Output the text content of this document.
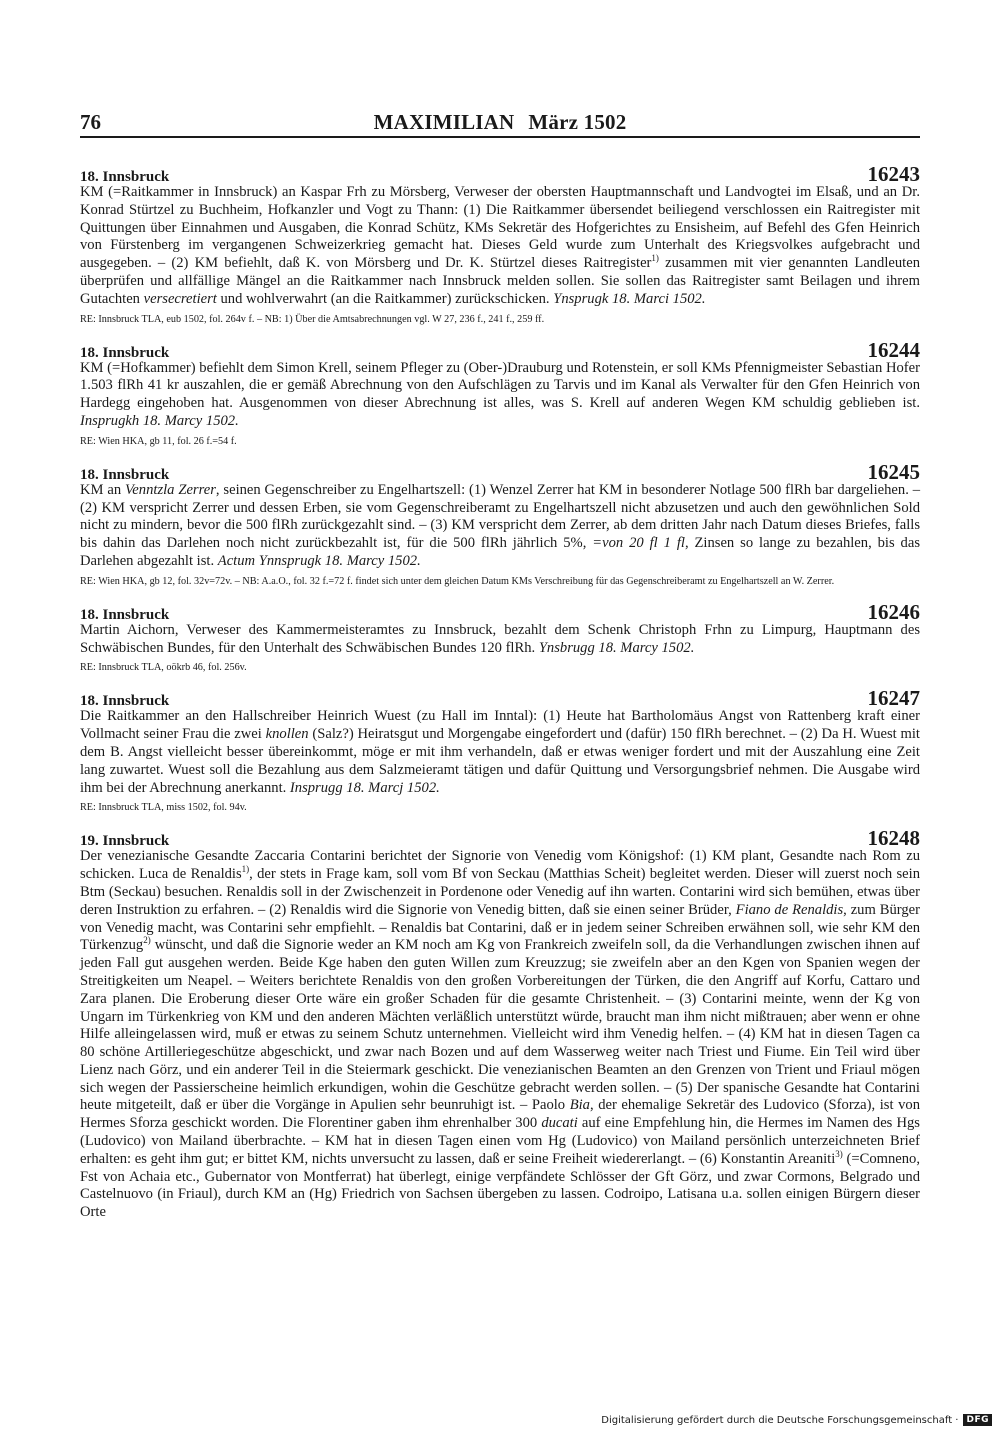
76	MAXIMILIAN März 1502
18. Innsbruck	16243

KM (=Raitkammer in Innsbruck) an Kaspar Frh zu Mörsberg, Verweser der obersten Hauptmannschaft und Landvogtei im Elsaß, und an Dr. Konrad Stürtzel zu Buchheim, Hofkanzler und Vogt zu Thann: (1) Die Raitkammer übersendet beiliegend verschlossen ein Raitregister mit Quittungen über Einnahmen und Ausgaben, die Konrad Schütz, KMs Sekretär des Hofgerichtes zu Ensisheim, auf Befehl des Gfen Heinrich von Fürstenberg im vergangenen Schweizerkrieg gemacht hat. Dieses Geld wurde zum Unterhalt des Kriegsvolkes aufgebracht und ausgegeben. – (2) KM befiehlt, daß K. von Mörsberg und Dr. K. Stürtzel dieses Raitregister$^{1)}$ zusammen mit vier genannten Landleuten überprüfen und allfällige Mängel an die Raitkammer nach Innsbruck melden sollen. Sie sollen das Raitregister samt Beilagen und ihrem Gutachten versecretiert und wohlverwahrt (an die Raitkammer) zurückschicken. Ynsprugk 18. Marci 1502.

RE: Innsbruck TLA, eub 1502, fol. 264v f. – NB: 1) Über die Amtsabrechnungen vgl. W 27, 236 f., 241 f., 259 ff.
18. Innsbruck	16244

KM (=Hofkammer) befiehlt dem Simon Krell, seinem Pfleger zu (Ober-)Drauburg und Rotenstein, er soll KMs Pfennigmeister Sebastian Hofer 1.503 flRh 41 kr auszahlen, die er gemäß Abrechnung von den Aufschlägen zu Tarvis und im Kanal als Verwalter für den Gfen Heinrich von Hardegg eingehoben hat. Ausgenommen von dieser Abrechnung ist alles, was S. Krell auf anderen Wegen KM schuldig geblieben ist. Insprugkh 18. Marcy 1502.

RE: Wien HKA, gb 11, fol. 26 f.=54 f.
18. Innsbruck	16245

KM an Venntzla Zerrer, seinen Gegenschreiber zu Engelhartszell: (1) Wenzel Zerrer hat KM in besonderer Notlage 500 flRh bar dargeliehen. – (2) KM verspricht Zerrer und dessen Erben, sie vom Gegenschreiberamt zu Engelhartszell nicht abzusetzen und auch den gewöhnlichen Sold nicht zu mindern, bevor die 500 flRh zurückgezahlt sind. – (3) KM verspricht dem Zerrer, ab dem dritten Jahr nach Datum dieses Briefes, falls bis dahin das Darlehen noch nicht zurückbezahlt ist, für die 500 flRh jährlich 5%, =von 20 fl 1 fl, Zinsen so lange zu bezahlen, bis das Darlehen abgezahlt ist. Actum Ynnsprugk 18. Marcy 1502.

RE: Wien HKA, gb 12, fol. 32v=72v. – NB: A.a.O., fol. 32 f.=72 f. findet sich unter dem gleichen Datum KMs Verschreibung für das Gegenschreiberamt zu Engelhartszell an W. Zerrer.
18. Innsbruck	16246

Martin Aichorn, Verweser des Kammermeisteramtes zu Innsbruck, bezahlt dem Schenk Christoph Frhn zu Limpurg, Hauptmann des Schwäbischen Bundes, für den Unterhalt des Schwäbischen Bundes 120 flRh. Ynsbrugg 18. Marcy 1502.

RE: Innsbruck TLA, oökrb 46, fol. 256v.
18. Innsbruck	16247

Die Raitkammer an den Hallschreiber Heinrich Wuest (zu Hall im Inntal): (1) Heute hat Bartholomäus Angst von Rattenberg kraft einer Vollmacht seiner Frau die zwei knollen (Salz?) Heiratsgut und Morgengabe eingefordert und (dafür) 150 flRh berechnet. – (2) Da H. Wuest mit dem B. Angst vielleicht besser übereinkommt, möge er mit ihm verhandeln, daß er etwas weniger fordert und mit der Auszahlung eine Zeit lang zuwartet. Wuest soll die Bezahlung aus dem Salzmeieramt tätigen und dafür Quittung und Versorgungsbrief nehmen. Die Ausgabe wird ihm bei der Abrechnung anerkannt. Insprugg 18. Marcj 1502.

RE: Innsbruck TLA, miss 1502, fol. 94v.
19. Innsbruck	16248

Der venezianische Gesandte Zaccaria Contarini berichtet der Signorie von Venedig vom Königshof: (1) KM plant, Gesandte nach Rom zu schicken. Luca de Renaldis$^{1)}$, der stets in Frage kam, soll vom Bf von Seckau (Matthias Scheit) begleitet werden. Dieser will zuerst noch sein Btm (Seckau) besuchen. Renaldis soll in der Zwischenzeit in Pordenone oder Venedig auf ihn warten. Contarini wird sich bemühen, etwas über deren Instruktion zu erfahren. – (2) Renaldis wird die Signorie von Venedig bitten, daß sie einen seiner Brüder, Fiano de Renaldis, zum Bürger von Venedig macht, was Contarini sehr empfiehlt. – Renaldis bat Contarini, daß er in jedem seiner Schreiben erwähnen soll, wie sehr KM den Türkenzug$^{2)}$ wünscht, und daß die Signorie weder an KM noch am Kg von Frankreich zweifeln soll, da die Verhandlungen zwischen ihnen auf jeden Fall gut ausgehen werden. Beide Kge haben den guten Willen zum Kreuzzug; sie zweifeln aber an den Kgen von Spanien wegen der Streitigkeiten um Neapel. – Weiters berichtete Renaldis von den großen Vorbereitungen der Türken, die den Angriff auf Korfu, Cattaro und Zara planen. Die Eroberung dieser Orte wäre ein großer Schaden für die gesamte Christenheit. – (3) Contarini meinte, wenn der Kg von Ungarn im Türkenkrieg von KM und den anderen Mächten verläßlich unterstützt würde, braucht man ihm nicht mißtrauen; aber wenn er ohne Hilfe alleingelassen wird, muß er etwas zu seinem Schutz unternehmen. Vielleicht wird ihm Venedig helfen. – (4) KM hat in diesen Tagen ca 80 schöne Artilleriegeschütze abgeschickt, und zwar nach Bozen und auf dem Wasserweg weiter nach Triest und Fiume. Ein Teil wird über Lienz nach Görz, und ein anderer Teil in die Steiermark geschickt. Die venezianischen Beamten an den Grenzen von Trient und Friaul mögen sich wegen der Passierscheine heimlich erkundigen, wohin die Geschütze gebracht werden sollen. – (5) Der spanische Gesandte hat Contarini heute mitgeteilt, daß er über die Vorgänge in Apulien sehr beunruhigt ist. – Paolo Bia, der ehemalige Sekretär des Ludovico (Sforza), ist von Hermes Sforza geschickt worden. Die Florentiner gaben ihm ehrenhalber 300 ducati auf eine Empfehlung hin, die Hermes im Namen des Hgs (Ludovico) von Mailand überbrachte. – KM hat in diesen Tagen einen vom Hg (Ludovico) von Mailand persönlich unterzeichneten Brief erhalten: es geht ihm gut; er bittet KM, nichts unversucht zu lassen, daß er seine Freiheit wiedererlangt. – (6) Konstantin Areaniti$^{3)}$ (=Comneno, Fst von Achaia etc., Gubernator von Montferrat) hat überlegt, einige verpfändete Schlösser der Gft Görz, und zwar Cormons, Belgrado und Castelnuovo (in Friaul), durch KM an (Hg) Friedrich von Sachsen übergeben zu lassen. Codroipo, Latisana u.a. sollen einigen Bürgern dieser Orte

Digitalisierung gefördert durch die Deutsche Forschungsgemeinschaft · DFG
